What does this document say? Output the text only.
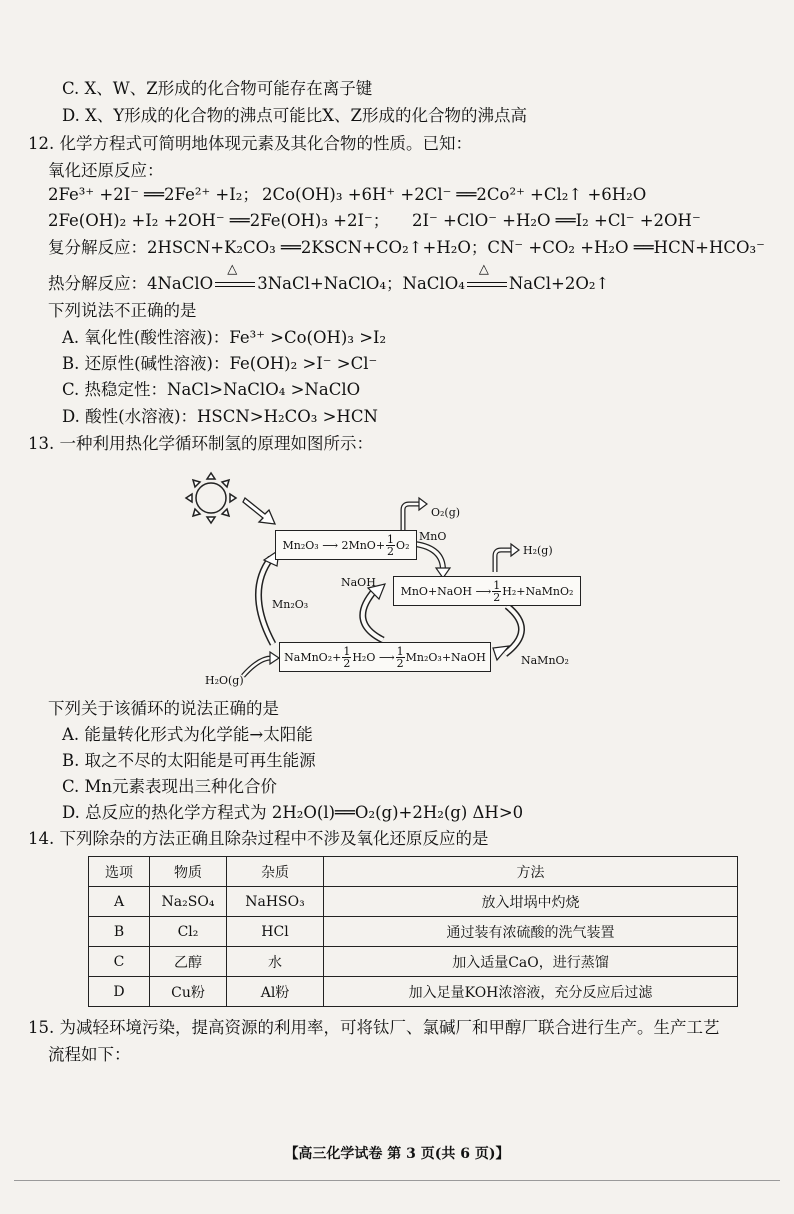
C. X、W、Z形成的化合物可能存在离子键
D. X、Y形成的化合物的沸点可能比X、Z形成的化合物的沸点高
12. 化学方程式可简明地体现元素及其化合物的性质。已知：
氧化还原反应：
2Fe³⁺ +2I⁻ ══2Fe²⁺ +I₂； 2Co(OH)₃ +6H⁺ +2Cl⁻ ══2Co²⁺ +Cl₂↑ +6H₂O
2Fe(OH)₂ +I₂ +2OH⁻ ══2Fe(OH)₃ +2I⁻； 2I⁻ +ClO⁻ +H₂O ══I₂ +Cl⁻ +2OH⁻
复分解反应：2HSCN+K₂CO₃ ══2KSCN+CO₂↑+H₂O；CN⁻ +CO₂ +H₂O ══HCN+HCO₃⁻
热分解反应：4NaClO
△
3NaCl+NaClO₄；NaClO₄
△
NaCl+2O₂↑
下列说法不正确的是
A. 氧化性(酸性溶液)：Fe³⁺ >Co(OH)₃ >I₂
B. 还原性(碱性溶液)：Fe(OH)₂ >I⁻ >Cl⁻
C. 热稳定性：NaCl>NaClO₄ >NaClO
D. 酸性(水溶液)：HSCN>H₂CO₃ >HCN
13. 一种利用热化学循环制氢的原理如图所示：
Mn₂O₃ ⟶ $2MnO+ \frac{1}{2} O_2$
MnO+NaOH ⟶ $\frac{1}{2}$ H₂+NaMnO₂
NaMnO₂+ $\frac{1}{2} H_2O$ ⟶ $\frac{1}{2}$ Mn₂O₃+NaOH
O₂(g)
MnO
H₂(g)
NaOH
Mn₂O₃
NaMnO₂
H₂O(g)
下列关于该循环的说法正确的是
A. 能量转化形式为化学能→太阳能
B. 取之不尽的太阳能是可再生能源
C. Mn元素表现出三种化合价
D. 总反应的热化学方程式为 2H₂O(l)══O₂(g)+2H₂(g) ΔH>0
14. 下列除杂的方法正确且除杂过程中不涉及氧化还原反应的是
选项	物质	杂质	方法
A	Na₂SO₄	NaHSO₃	放入坩埚中灼烧
B	Cl₂	HCl	通过装有浓硫酸的洗气装置
C	乙醇	水	加入适量CaO，进行蒸馏
D	Cu粉	Al粉	加入足量KOH浓溶液，充分反应后过滤
15. 为减轻环境污染，提高资源的利用率，可将钛厂、氯碱厂和甲醇厂联合进行生产。生产工艺
流程如下：
【高三化学试卷 第 3 页(共 6 页)】
